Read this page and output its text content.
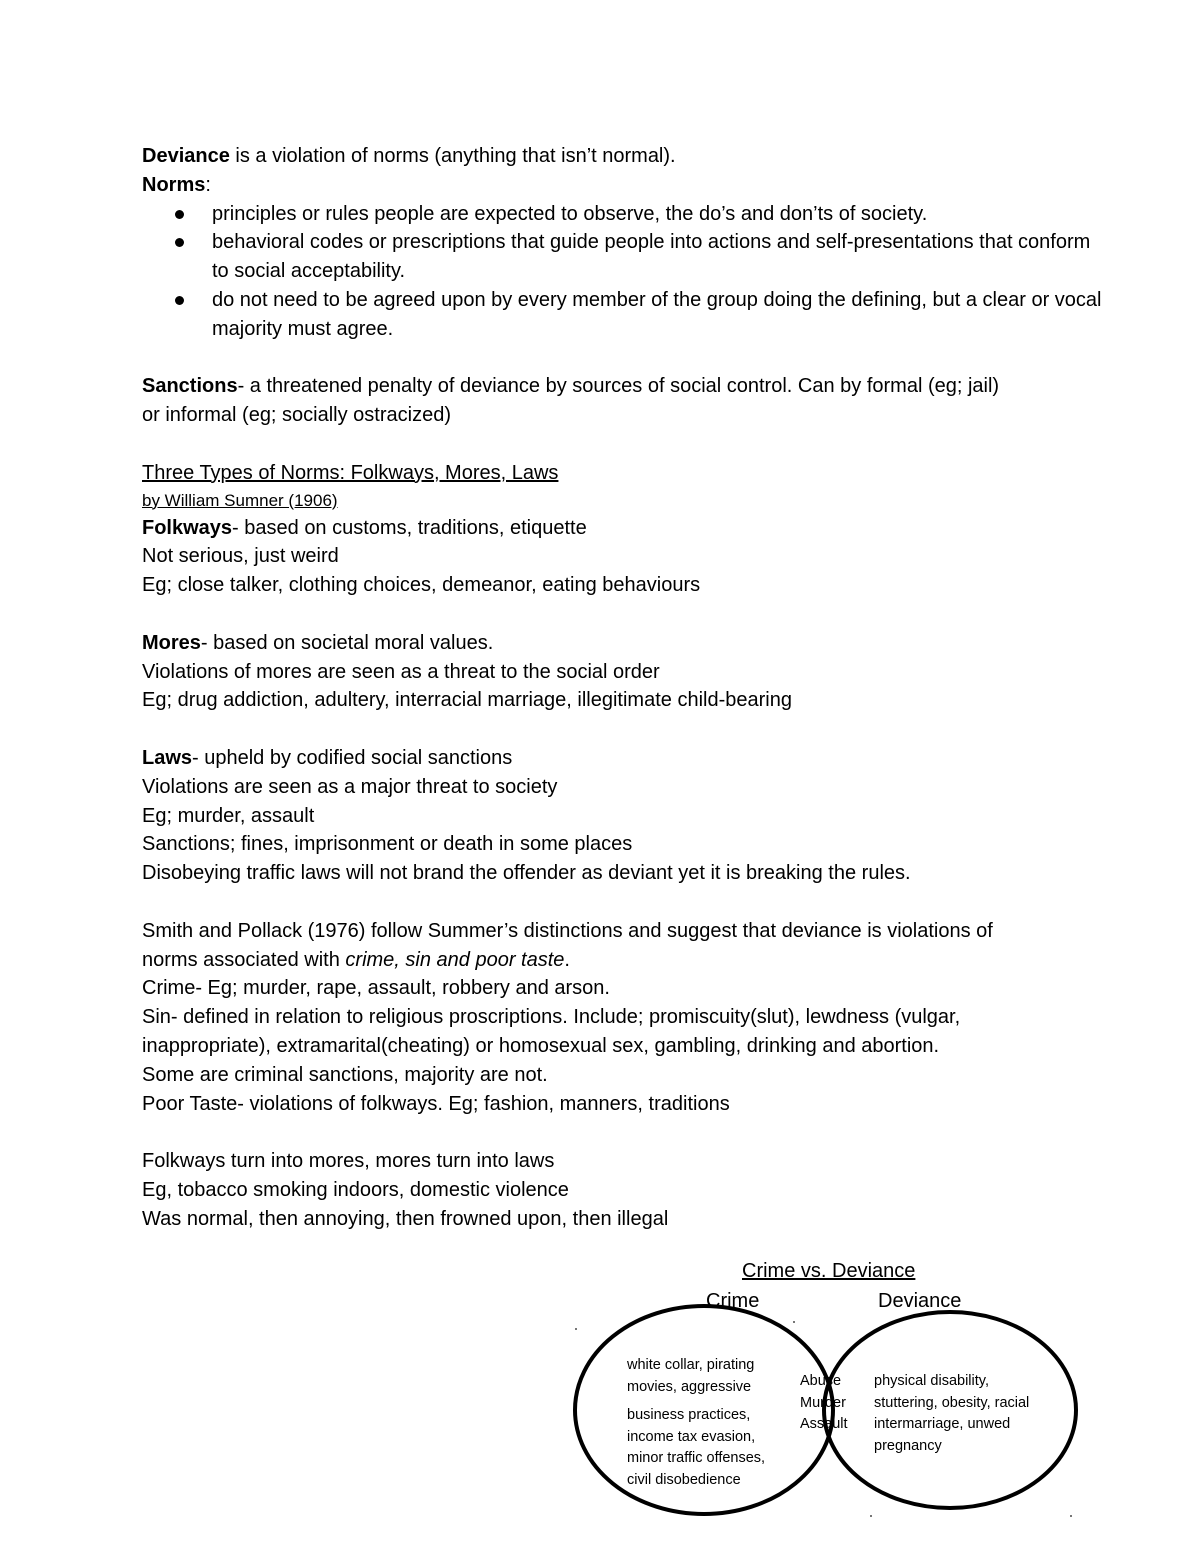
Deviance is a violation of norms (anything that isn’t normal).
Norms:
principles or rules people are expected to observe, the do’s and don’ts of society.
behavioral codes or prescriptions that guide people into actions and self-presentations that conform to social acceptability.
do not need to be agreed upon by every member of the group doing the defining, but a clear or vocal majority must agree.
Sanctions- a threatened penalty of deviance by sources of social control. Can by formal (eg; jail)
or informal (eg; socially ostracized)
Three Types of Norms: Folkways, Mores, Laws
by William Sumner (1906)
Folkways- based on customs, traditions, etiquette
Not serious, just weird
Eg; close talker, clothing choices, demeanor, eating behaviours
Mores- based on societal moral values.
Violations of mores are seen as a threat to the social order
Eg; drug addiction, adultery, interracial marriage, illegitimate child-bearing
Laws- upheld by codified social sanctions
Violations are seen as a major threat to society
Eg; murder, assault
Sanctions; fines, imprisonment or death in some places
Disobeying traffic laws will not brand the offender as deviant yet it is breaking the rules.
Smith and Pollack (1976) follow Summer’s distinctions and suggest that deviance is violations of
norms associated with crime, sin and poor taste.
Crime- Eg; murder, rape, assault, robbery and arson.
Sin- defined in relation to religious proscriptions. Include; promiscuity(slut), lewdness (vulgar,
inappropriate), extramarital(cheating) or homosexual sex, gambling, drinking and abortion.
Some are criminal sanctions, majority are not.
Poor Taste- violations of folkways. Eg; fashion, manners, traditions
Folkways turn into mores, mores turn into laws
Eg, tobacco smoking indoors, domestic violence
Was normal, then annoying, then frowned upon, then illegal
Crime vs. Deviance
Crime	Deviance
white collar, pirating
movies, aggressive
business practices,
income tax evasion,
minor traffic offenses,
civil disobedience
Abuse
Murder
Assault
physical disability,
stuttering, obesity, racial
intermarriage, unwed
pregnancy
